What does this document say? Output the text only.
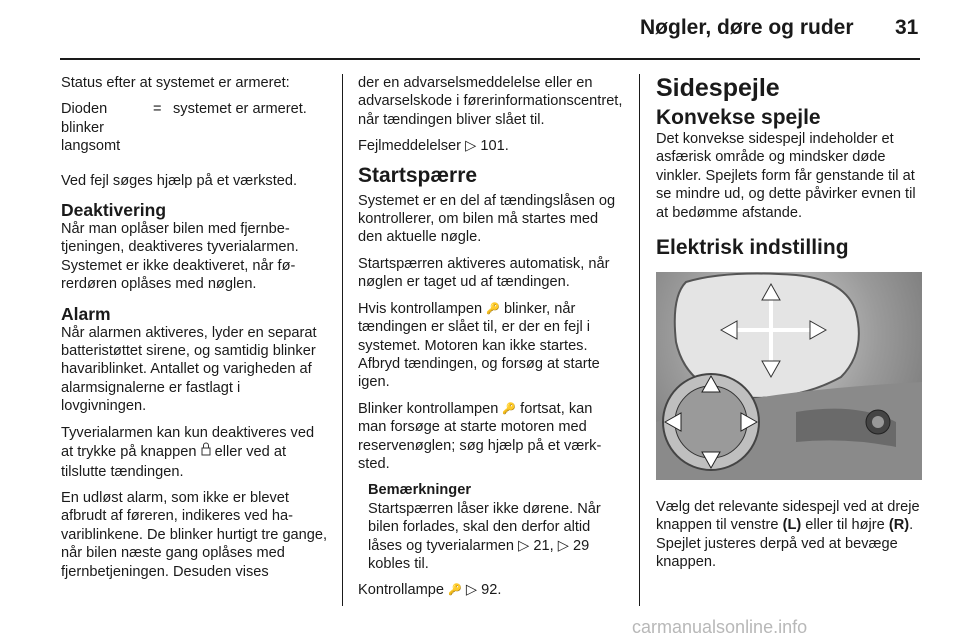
Nøgler, døre og ruder 31

Status efter at systemet er armeret:

Dioden blinker langsomt
= systemet er armeret.

Ved fejl søges hjælp på et værksted.

Deaktivering

Når man oplåser bilen med fjernbetjeningen, deaktiveres tyverialarmen. Systemet er ikke deaktiveret, når førerdøren oplåses med nøglen.

Alarm

Når alarmen aktiveres, lyder en separat batteristøttet sirene, og samtidig blinker havariblinket. Antallet og varigheden af alarmsignalerne er fastlagt i lovgivningen.

Tyverialarmen kan kun deaktiveres ved at trykke på knappen eller ved at tilslutte tændingen.

En udløst alarm, som ikke er blevet afbrudt af føreren, indikeres ved havariblinkene. De blinker hurtigt tre gange, når bilen næste gang oplåses med fjernbetjeningen. Desuden vises

der en advarselsmeddelelse eller en advarselskode i førerinformationscentret, når tændingen bliver slået til.

Fejlmeddelelser ▷ 101.

Startspærre

Systemet er en del af tændingslåsen og kontrollerer, om bilen må startes med den aktuelle nøgle.

Startspærren aktiveres automatisk, når nøglen er taget ud af tændingen.

Hvis kontrollampen 🔑 blinker, når tændingen er slået til, er der en fejl i systemet. Motoren kan ikke startes. Afbryd tændingen, og forsøg at starte igen.

Blinker kontrollampen 🔑 fortsat, kan man forsøge at starte motoren med reservenøglen; søg hjælp på et værksted.

Bemærkninger
Startspærren låser ikke dørene. Når bilen forlades, skal den derfor altid låses og tyverialarmen ▷ 21, ▷ 29 kobles til.

Kontrollampe 🔑 ▷ 92.

Sidespejle
Konvekse spejle

Det konvekse sidespejl indeholder et asfærisk område og mindsker døde vinkler. Spejlets form får genstande til at se mindre ud, og dette påvirker evnen til at bedømme afstande.

Elektrisk indstilling

Vælg det relevante sidespejl ved at dreje knappen til venstre (L) eller til højre (R). Spejlet justeres derpå ved at bevæge knappen.

carmanualsonline.info
